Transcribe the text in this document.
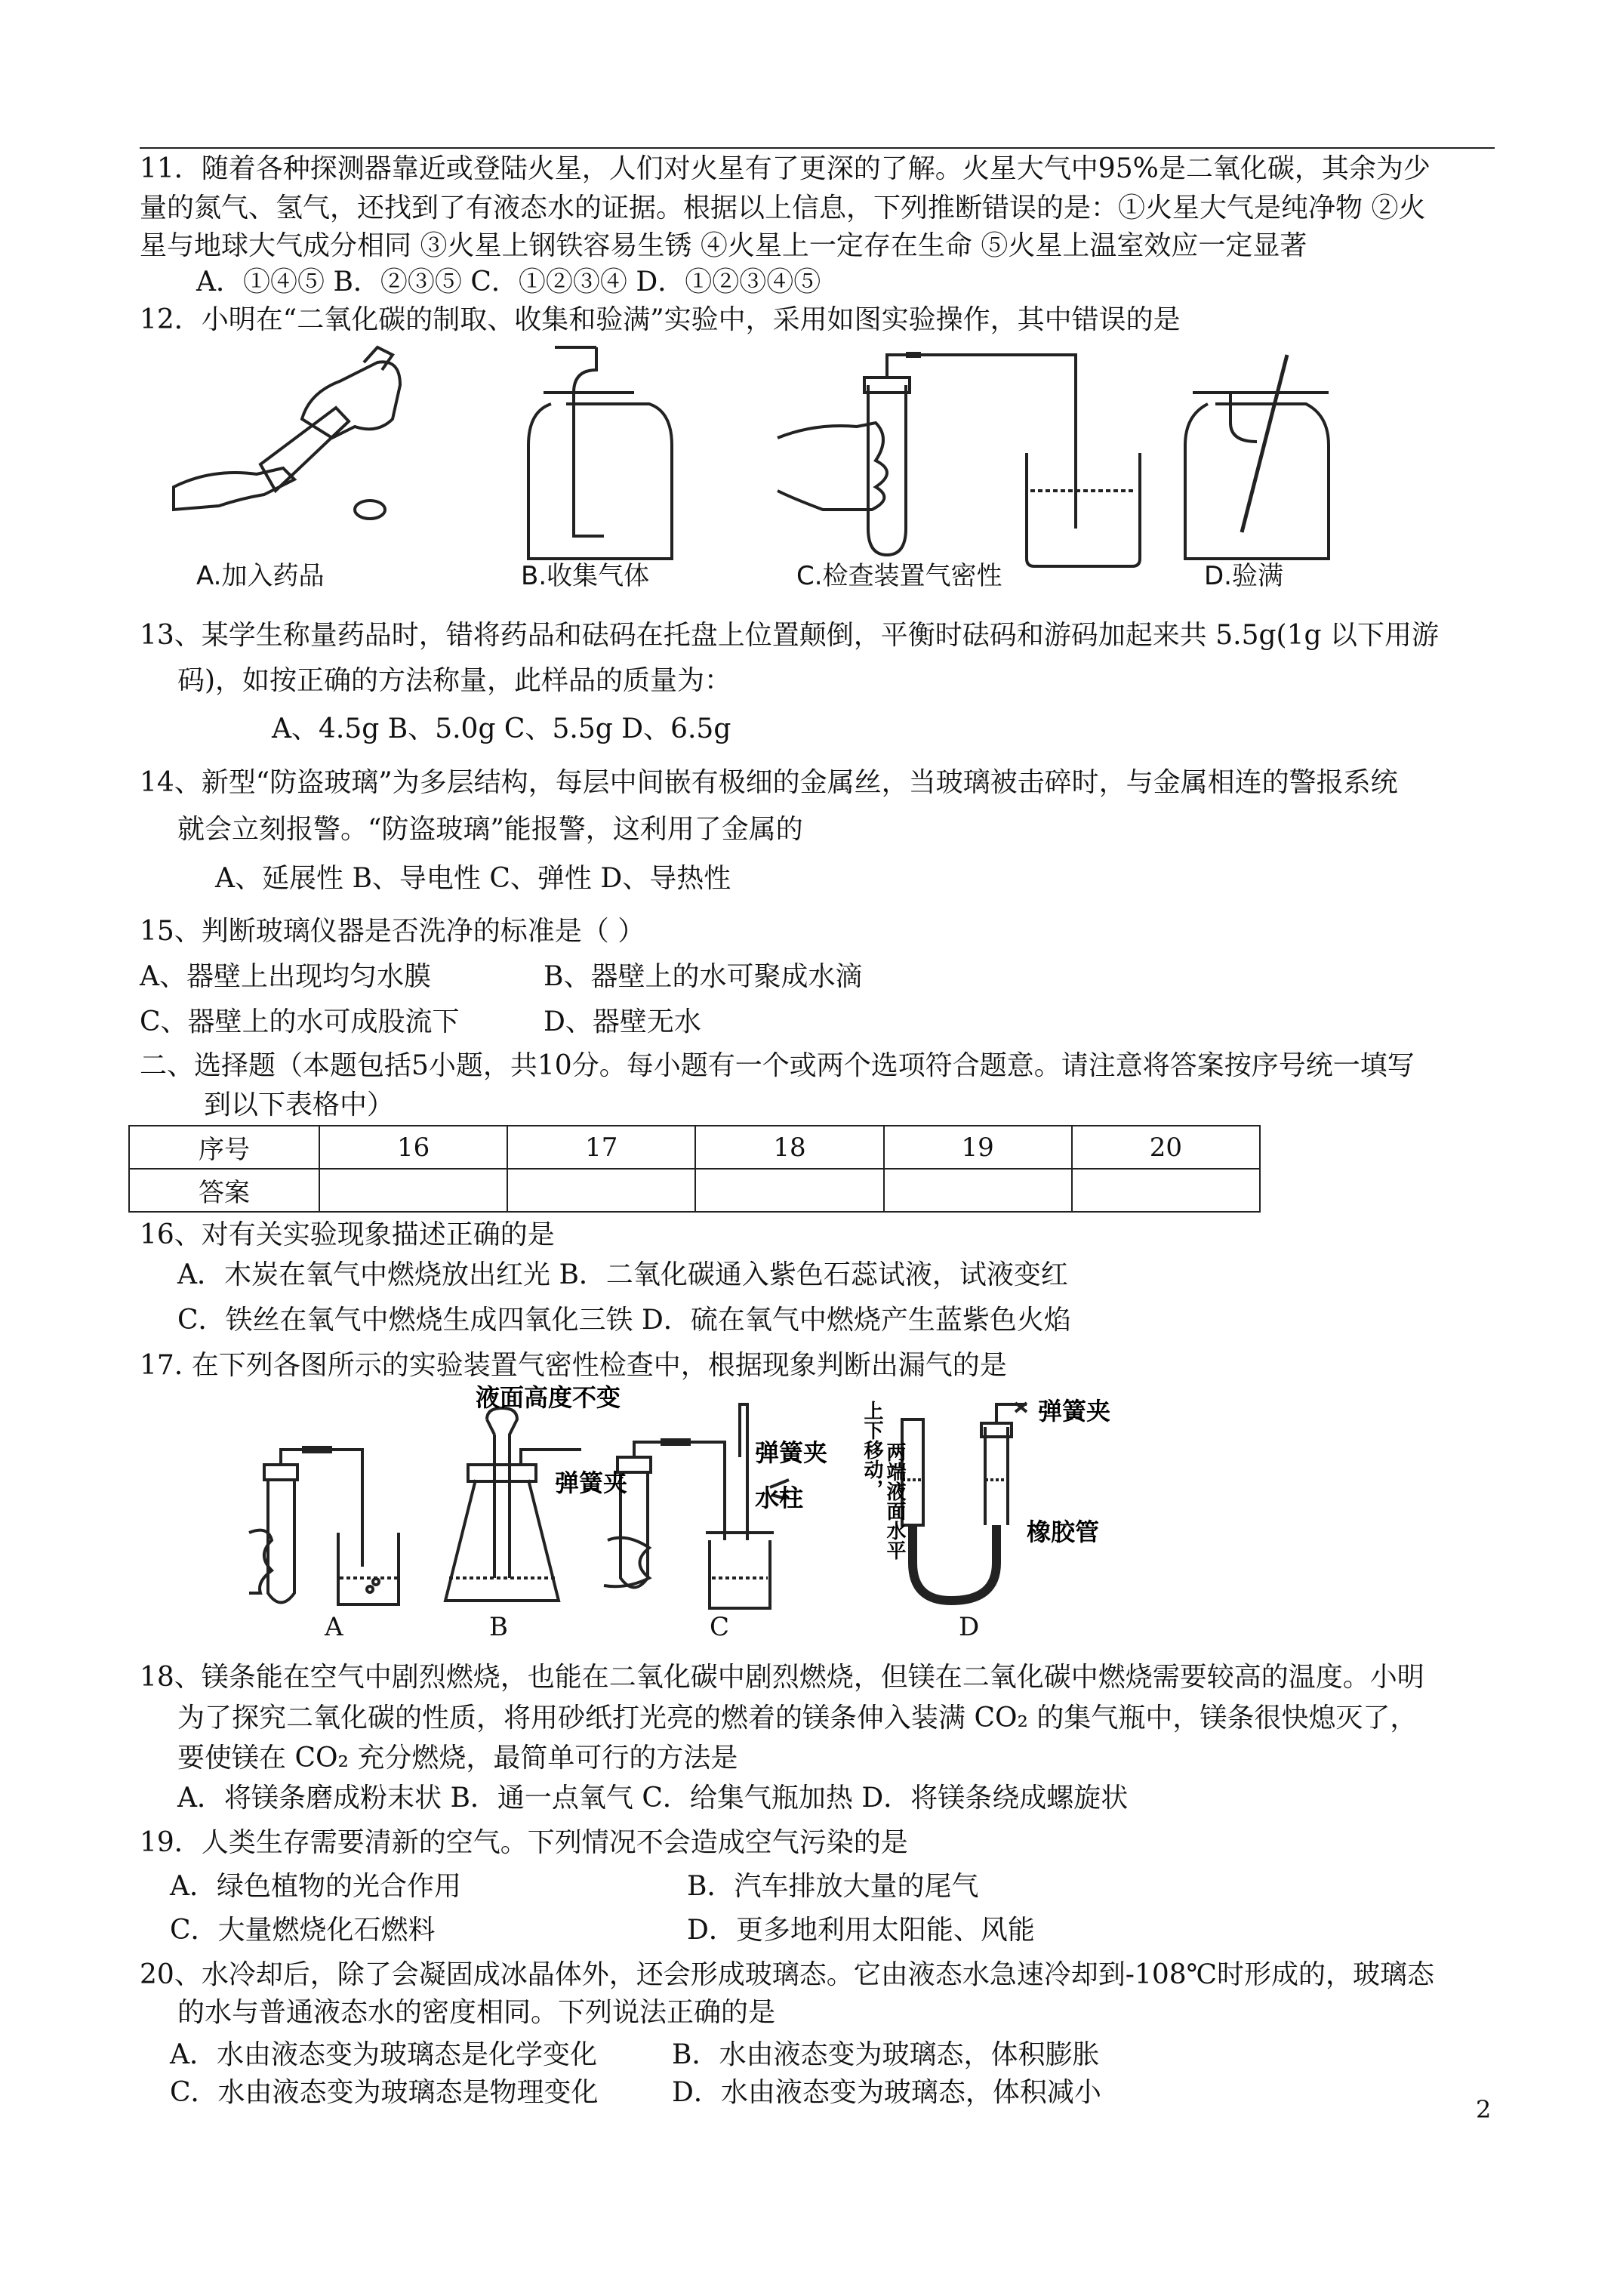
11．随着各种探测器靠近或登陆火星，人们对火星有了更深的了解。火星大气中95%是二氧化碳，其余为少
量的氮气、氢气，还找到了有液态水的证据。根据以上信息，下列推断错误的是：①火星大气是纯净物 ②火
星与地球大气成分相同 ③火星上钢铁容易生锈 ④火星上一定存在生命 ⑤火星上温室效应一定显著
A．①④⑤ B．②③⑤ C．①②③④ D．①②③④⑤
12．小明在“二氧化碳的制取、收集和验满”实验中，采用如图实验操作，其中错误的是
A.加入药品	B.收集气体	C.检查装置气密性	D.验满
13、某学生称量药品时，错将药品和砝码在托盘上位置颠倒，平衡时砝码和游码加起来共 5.5g(1g 以下用游
码)，如按正确的方法称量，此样品的质量为：
A、4.5g B、5.0g C、5.5g D、6.5g
14、新型“防盗玻璃”为多层结构，每层中间嵌有极细的金属丝，当玻璃被击碎时，与金属相连的警报系统
就会立刻报警。“防盗玻璃”能报警，这利用了金属的
A、延展性 B、导电性 C、弹性 D、导热性
15、判断玻璃仪器是否洗净的标准是（ ）
A、器壁上出现均匀水膜	B、器壁上的水可聚成水滴
C、器壁上的水可成股流下	D、器壁无水
二、选择题（本题包括5小题，共10分。每小题有一个或两个选项符合题意。请注意将答案按序号统一填写
到以下表格中）
序号	16	17	18	19	20
答案					
16、对有关实验现象描述正确的是
A．木炭在氧气中燃烧放出红光 B．二氧化碳通入紫色石蕊试液，试液变红
C．铁丝在氧气中燃烧生成四氧化三铁 D．硫在氧气中燃烧产生蓝紫色火焰
17. 在下列各图所示的实验装置气密性检查中，根据现象判断出漏气的是
液面高度不变
弹簧夹
弹簧夹
水柱
弹簧夹
橡胶管
上下移动， 两端液面水平
A	B	C	D
18、镁条能在空气中剧烈燃烧，也能在二氧化碳中剧烈燃烧，但镁在二氧化碳中燃烧需要较高的温度。小明
为了探究二氧化碳的性质，将用砂纸打光亮的燃着的镁条伸入装满 CO₂ 的集气瓶中，镁条很快熄灭了，
要使镁在 CO₂ 充分燃烧，最简单可行的方法是
A．将镁条磨成粉末状 B．通一点氧气 C．给集气瓶加热 D．将镁条绕成螺旋状
19．人类生存需要清新的空气。下列情况不会造成空气污染的是
A．绿色植物的光合作用	B．汽车排放大量的尾气
C．大量燃烧化石燃料	D．更多地利用太阳能、风能
20、水冷却后，除了会凝固成冰晶体外，还会形成玻璃态。它由液态水急速冷却到-108℃时形成的，玻璃态
的水与普通液态水的密度相同。下列说法正确的是
A．水由液态变为玻璃态是化学变化	B．水由液态变为玻璃态，体积膨胀
C．水由液态变为玻璃态是物理变化	D．水由液态变为玻璃态，体积减小
2
